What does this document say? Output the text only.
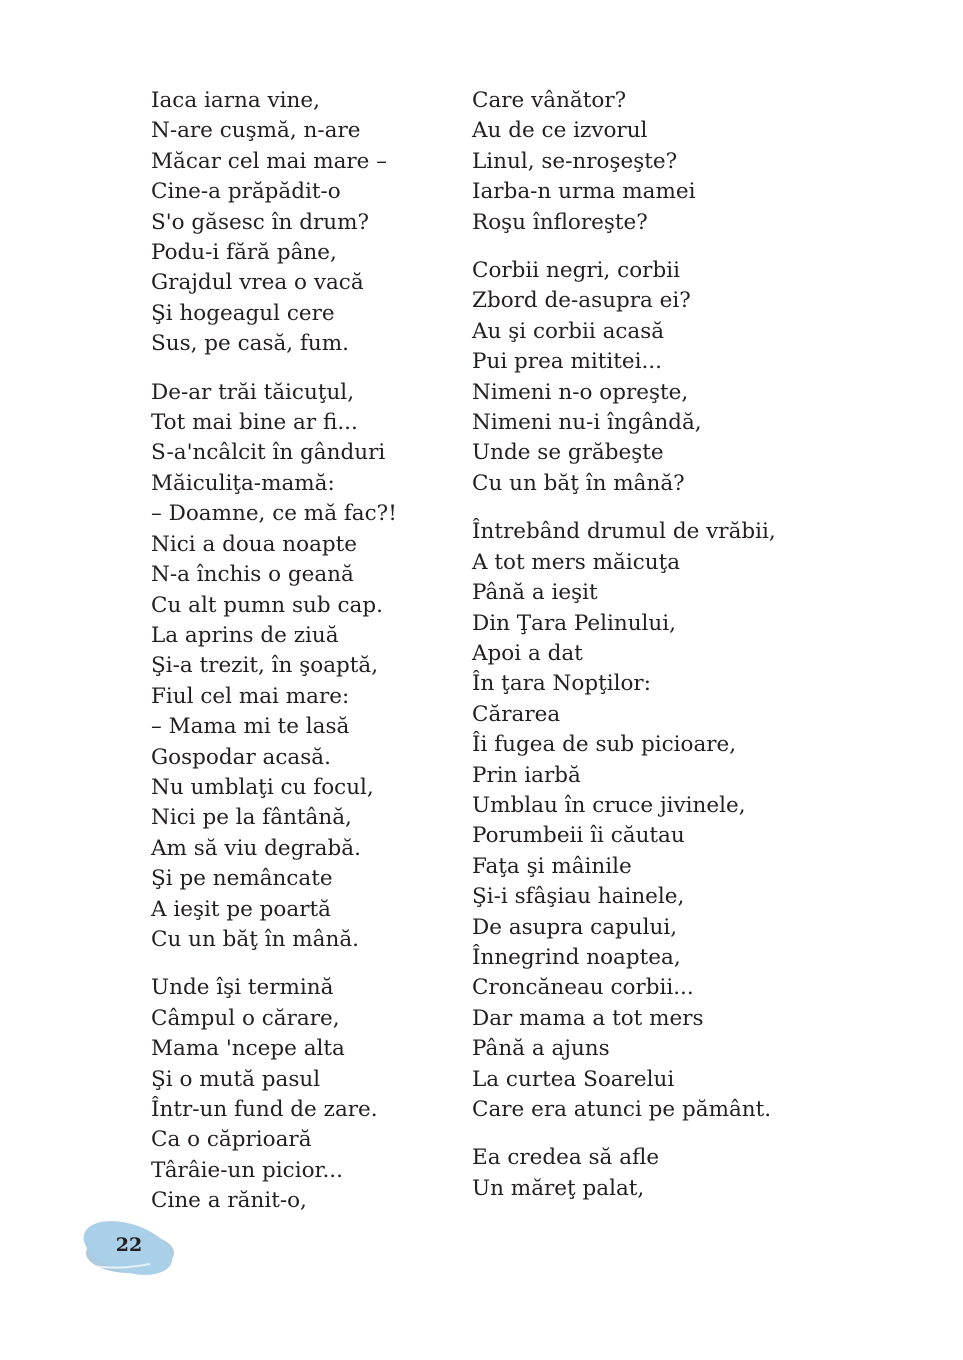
Iaca iarna vine,
N-are cuşmă, n-are
Măcar cel mai mare –
Cine-a prăpădit-o
S'o găsesc în drum?
Podu-i fără pâne,
Grajdul vrea o vacă
Şi hogeagul cere
Sus, pe casă, fum.
De-ar trăi tăicuţul,
Tot mai bine ar fi...
S-a'ncâlcit în gânduri
Măiculiţa-mamă:
– Doamne, ce mă fac?!
Nici a doua noapte
N-a închis o geană
Cu alt pumn sub cap.
La aprins de ziuă
Şi-a trezit, în şoaptă,
Fiul cel mai mare:
– Mama mi te lasă
Gospodar acasă.
Nu umblaţi cu focul,
Nici pe la fântână,
Am să viu degrabă.
Şi pe nemâncate
A ieşit pe poartă
Cu un băţ în mână.
Unde îşi termină
Câmpul o cărare,
Mama 'ncepe alta
Şi o mută pasul
Într-un fund de zare.
Ca o căprioară
Târâie-un picior...
Cine a rănit-o,
Care vânător?
Au de ce izvorul
Linul, se-nroşeşte?
Iarba-n urma mamei
Roşu înfloreşte?
Corbii negri, corbii
Zbord de-asupra ei?
Au şi corbii acasă
Pui prea mititei...
Nimeni n-o opreşte,
Nimeni nu-i îngândă,
Unde se grăbeşte
Cu un băţ în mână?
Întrebând drumul de vrăbii,
A tot mers măicuţa
Până a ieşit
Din Ţara Pelinului,
Apoi a dat
În ţara Nopţilor:
Cărarea
Îi fugea de sub picioare,
Prin iarbă
Umblau în cruce jivinele,
Porumbeii îi căutau
Faţa şi mâinile
Şi-i sfâşiau hainele,
De asupra capului,
Înnegrind noaptea,
Croncăneau corbii...
Dar mama a tot mers
Până a ajuns
La curtea Soarelui
Care era atunci pe pământ.
Ea credea să afle
Un măreţ palat,
22
